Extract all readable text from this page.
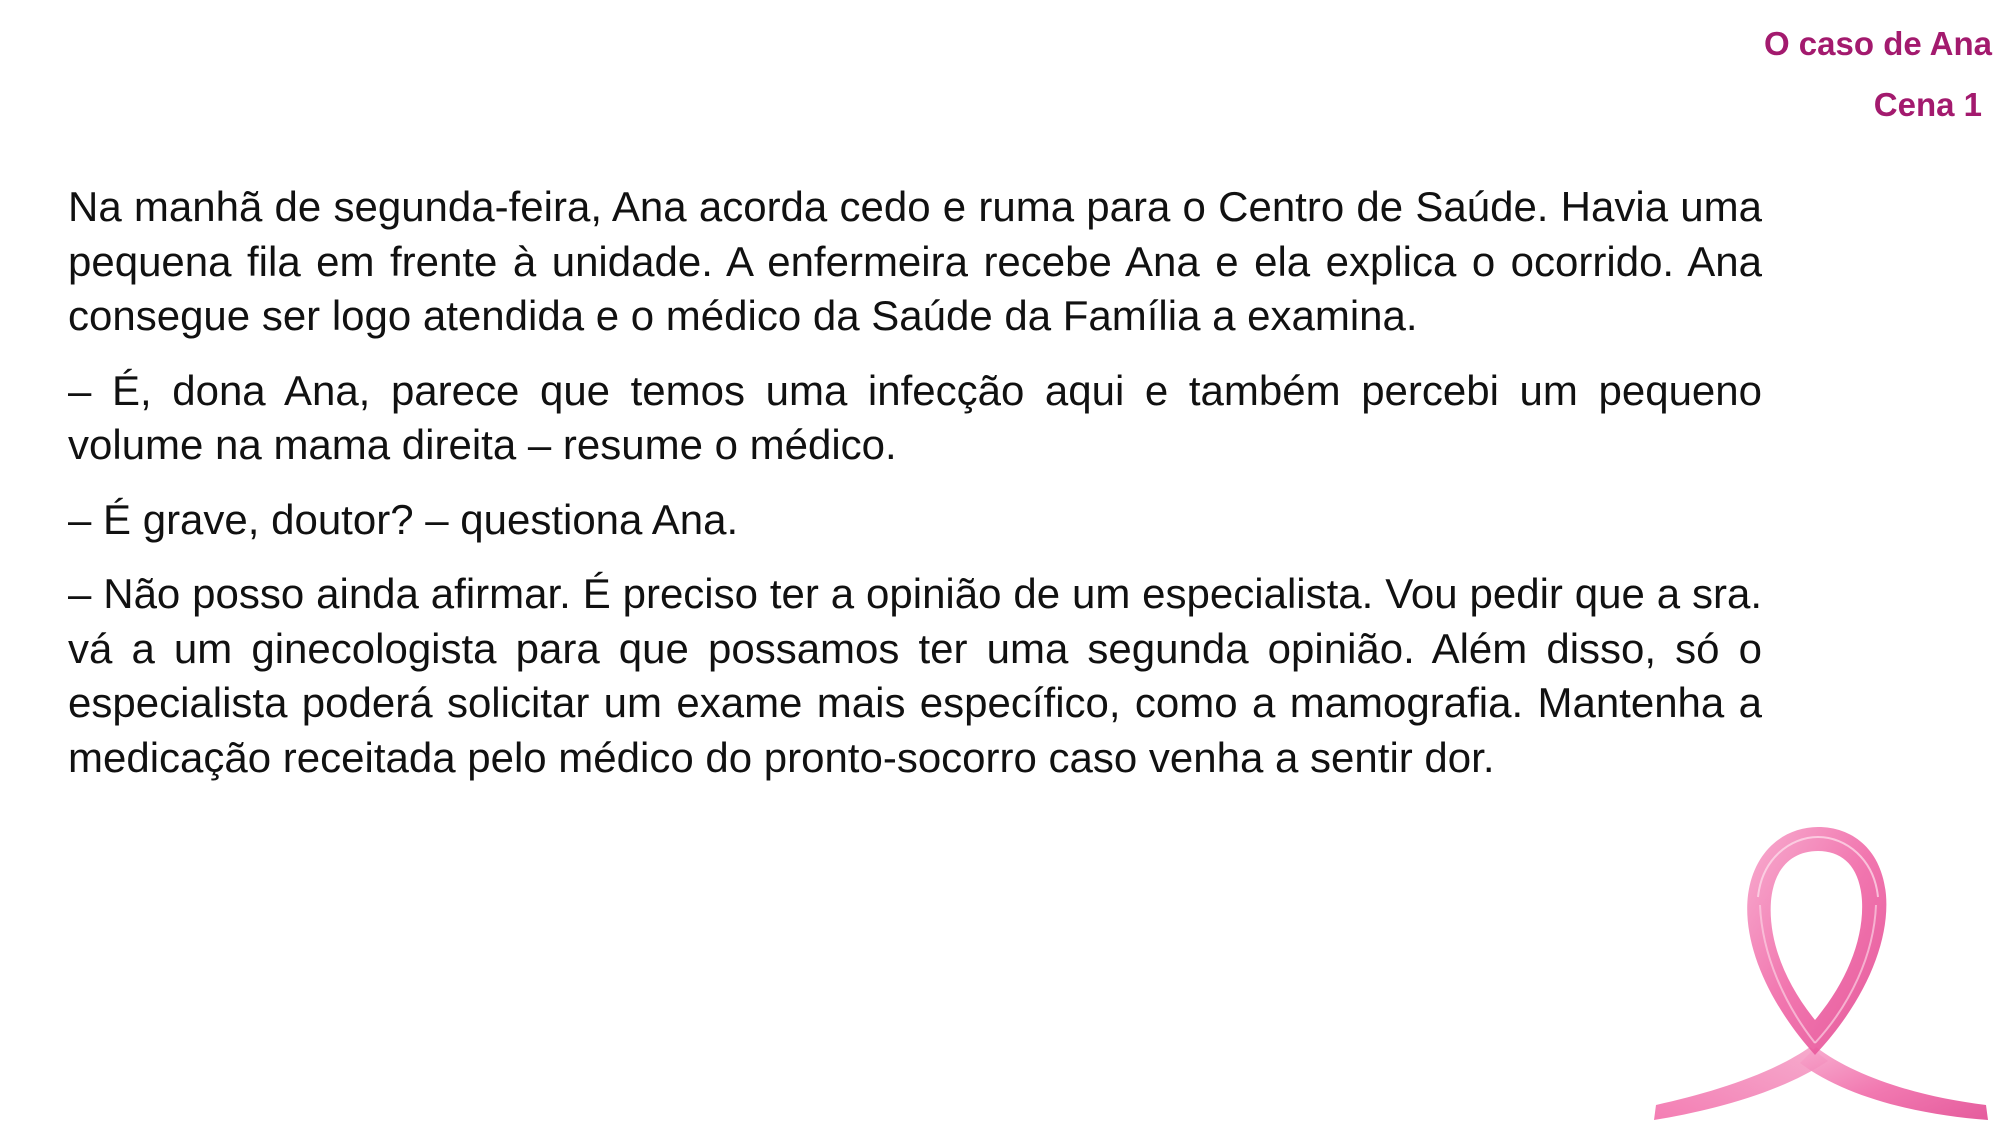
O caso de Ana
Cena 1

Na manhã de segunda-feira, Ana acorda cedo e ruma para o Centro de Saúde. Havia uma pequena fila em frente à unidade. A enfermeira recebe Ana e ela explica o ocorrido. Ana consegue ser logo atendida e o médico da Saúde da Família a examina.

– É, dona Ana, parece que temos uma infecção aqui e também percebi um pequeno volume na mama direita – resume o médico.

– É grave, doutor? – questiona Ana.

– Não posso ainda afirmar. É preciso ter a opinião de um especialista. Vou pedir que a sra. vá a um ginecologista para que possamos ter uma segunda opinião. Além disso, só o especialista poderá solicitar um exame mais específico, como a mamografia. Mantenha a medicação receitada pelo médico do pronto-socorro caso venha a sentir dor.
